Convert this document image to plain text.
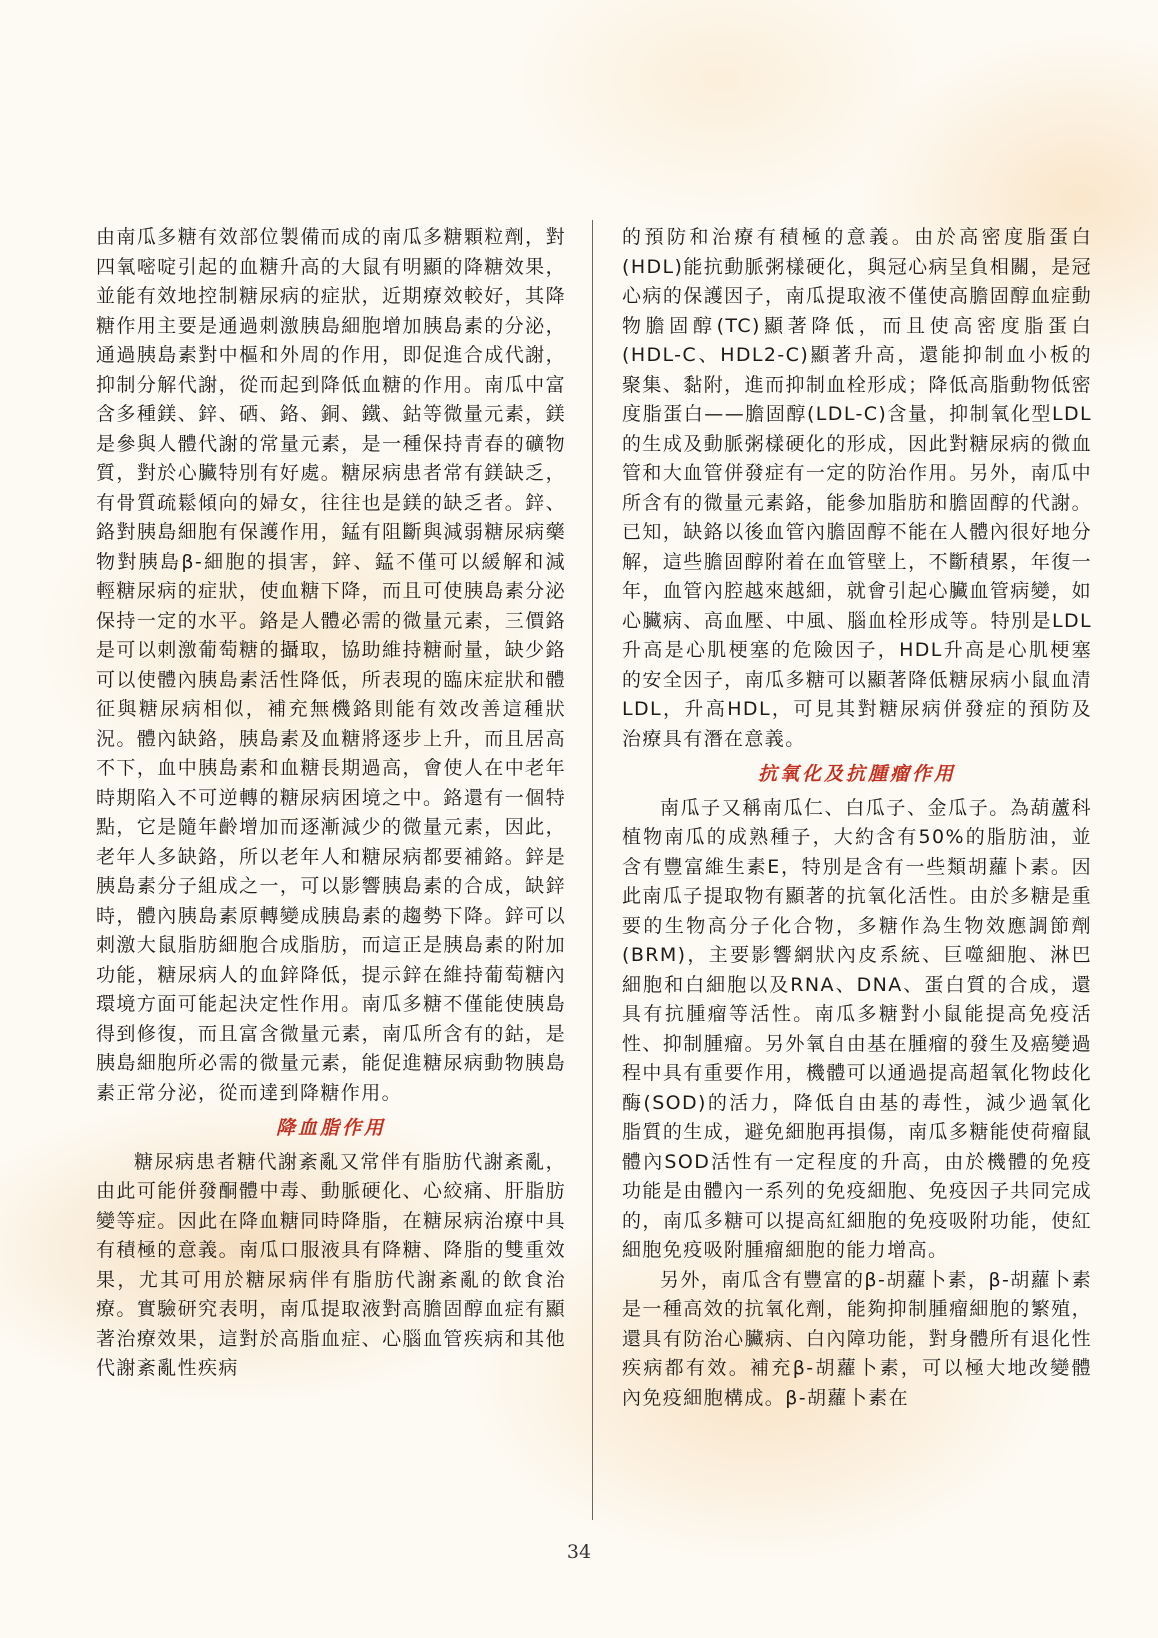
由南瓜多糖有效部位製備而成的南瓜多糖顆粒劑，對四氧嘧啶引起的血糖升高的大鼠有明顯的降糖效果，並能有效地控制糖尿病的症狀，近期療效較好，其降糖作用主要是通過刺激胰島細胞增加胰島素的分泌，通過胰島素對中樞和外周的作用，即促進合成代謝，抑制分解代謝，從而起到降低血糖的作用。南瓜中富含多種鎂、鋅、硒、鉻、銅、鐵、鈷等微量元素，鎂是參與人體代謝的常量元素，是一種保持青春的礦物質，對於心臟特別有好處。糖尿病患者常有鎂缺乏，有骨質疏鬆傾向的婦女，往往也是鎂的缺乏者。鋅、鉻對胰島細胞有保護作用，錳有阻斷與減弱糖尿病藥物對胰島β-細胞的損害，鋅、錳不僅可以緩解和減輕糖尿病的症狀，使血糖下降，而且可使胰島素分泌保持一定的水平。鉻是人體必需的微量元素，三價鉻是可以刺激葡萄糖的攝取，協助維持糖耐量，缺少鉻可以使體內胰島素活性降低，所表現的臨床症狀和體征與糖尿病相似，補充無機鉻則能有效改善這種狀況。體內缺鉻，胰島素及血糖將逐步上升，而且居高不下，血中胰島素和血糖長期過高，會使人在中老年時期陷入不可逆轉的糖尿病困境之中。鉻還有一個特點，它是隨年齡增加而逐漸減少的微量元素，因此，老年人多缺鉻，所以老年人和糖尿病都要補鉻。鋅是胰島素分子組成之一，可以影響胰島素的合成，缺鋅時，體內胰島素原轉變成胰島素的趨勢下降。鋅可以刺激大鼠脂肪細胞合成脂肪，而這正是胰島素的附加功能，糖尿病人的血鋅降低，提示鋅在維持葡萄糖內環境方面可能起決定性作用。南瓜多糖不僅能使胰島得到修復，而且富含微量元素，南瓜所含有的鈷，是胰島細胞所必需的微量元素，能促進糖尿病動物胰島素正常分泌，從而達到降糖作用。

降血脂作用

糖尿病患者糖代謝紊亂又常伴有脂肪代謝紊亂，由此可能併發酮體中毒、動脈硬化、心絞痛、肝脂肪變等症。因此在降血糖同時降脂，在糖尿病治療中具有積極的意義。南瓜口服液具有降糖、降脂的雙重效果，尤其可用於糖尿病伴有脂肪代謝紊亂的飲食治療。實驗研究表明，南瓜提取液對高膽固醇血症有顯著治療效果，這對於高脂血症、心腦血管疾病和其他代謝紊亂性疾病

的預防和治療有積極的意義。由於高密度脂蛋白(HDL)能抗動脈粥樣硬化，與冠心病呈負相關，是冠心病的保護因子，南瓜提取液不僅使高膽固醇血症動物膽固醇(TC)顯著降低，而且使高密度脂蛋白(HDL-C、HDL2-C)顯著升高，還能抑制血小板的聚集、黏附，進而抑制血栓形成；降低高脂動物低密度脂蛋白——膽固醇(LDL-C)含量，抑制氧化型LDL的生成及動脈粥樣硬化的形成，因此對糖尿病的微血管和大血管併發症有一定的防治作用。另外，南瓜中所含有的微量元素鉻，能參加脂肪和膽固醇的代謝。已知，缺鉻以後血管內膽固醇不能在人體內很好地分解，這些膽固醇附着在血管壁上，不斷積累，年復一年，血管內腔越來越細，就會引起心臟血管病變，如心臟病、高血壓、中風、腦血栓形成等。特別是LDL升高是心肌梗塞的危險因子，HDL升高是心肌梗塞的安全因子，南瓜多糖可以顯著降低糖尿病小鼠血清LDL，升高HDL，可見其對糖尿病併發症的預防及治療具有潛在意義。

抗氧化及抗腫瘤作用

南瓜子又稱南瓜仁、白瓜子、金瓜子。為葫蘆科植物南瓜的成熟種子，大約含有50%的脂肪油，並含有豐富維生素E，特別是含有一些類胡蘿卜素。因此南瓜子提取物有顯著的抗氧化活性。由於多糖是重要的生物高分子化合物，多糖作為生物效應調節劑(BRM)，主要影響網狀內皮系統、巨噬細胞、淋巴細胞和白細胞以及RNA、DNA、蛋白質的合成，還具有抗腫瘤等活性。南瓜多糖對小鼠能提高免疫活性、抑制腫瘤。另外氧自由基在腫瘤的發生及癌變過程中具有重要作用，機體可以通過提高超氧化物歧化酶(SOD)的活力，降低自由基的毒性，減少過氧化脂質的生成，避免細胞再損傷，南瓜多糖能使荷瘤鼠體內SOD活性有一定程度的升高，由於機體的免疫功能是由體內一系列的免疫細胞、免疫因子共同完成的，南瓜多糖可以提高紅細胞的免疫吸附功能，使紅細胞免疫吸附腫瘤細胞的能力增高。

另外，南瓜含有豐富的β-胡蘿卜素，β-胡蘿卜素是一種高效的抗氧化劑，能夠抑制腫瘤細胞的繁殖，還具有防治心臟病、白內障功能，對身體所有退化性疾病都有效。補充β-胡蘿卜素，可以極大地改變體內免疫細胞構成。β-胡蘿卜素在

34
